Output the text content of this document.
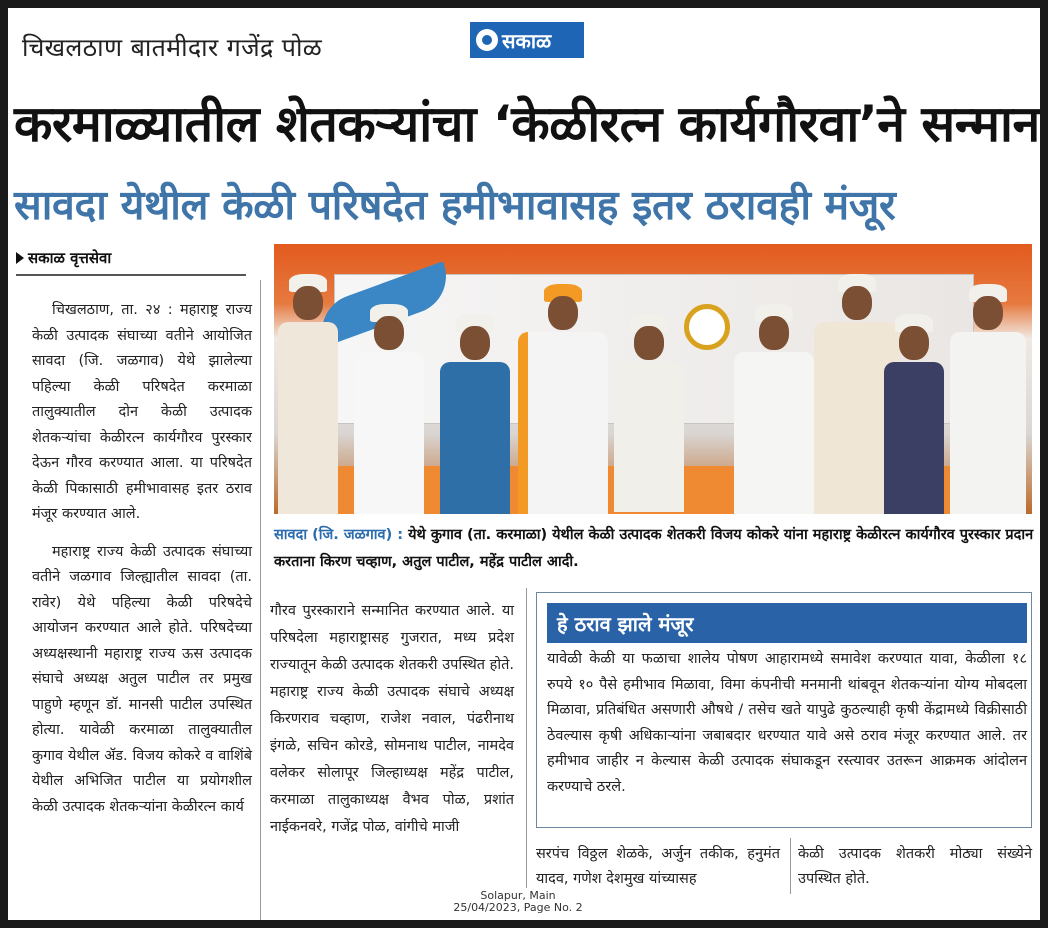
चिखलठाण बातमीदार गजेंद्र पोळ	सकाळ
करमाळ्यातील शेतकऱ्यांचा ‘केळीरत्न कार्यगौरवा’ने सन्मान
सावदा येथील केळी परिषदेत हमीभावासह इतर ठरावही मंजूर
सकाळ वृत्तसेवा

चिखलठाण, ता. २४ : महाराष्ट्र राज्य केळी उत्पादक संघाच्या वतीने आयोजित सावदा (जि. जळगाव) येथे झालेल्या पहिल्या केळी परिषदेत करमाळा तालुक्यातील दोन केळी उत्पादक शेतकऱ्यांचा केळीरत्न कार्यगौरव पुरस्कार देऊन गौरव करण्यात आला. या परिषदेत केळी पिकासाठी हमीभावासह इतर ठराव मंजूर करण्यात आले.

महाराष्ट्र राज्य केळी उत्पादक संघाच्या वतीने जळगाव जिल्ह्यातील सावदा (ता. रावेर) येथे पहिल्या केळी परिषदेचे आयोजन करण्यात आले होते. परिषदेच्या अध्यक्षस्थानी महाराष्ट्र राज्य ऊस उत्पादक संघाचे अध्यक्ष अतुल पाटील तर प्रमुख पाहुणे म्हणून डॉ. मानसी पाटील उपस्थित होत्या. यावेळी करमाळा तालुक्यातील कुगाव येथील ॲड. विजय कोकरे व वाशिंबे येथील अभिजित पाटील या प्रयोगशील केळी उत्पादक शेतकऱ्यांना केळीरत्न कार्य

सावदा (जि. जळगाव) : येथे कुगाव (ता. करमाळा) येथील केळी उत्पादक शेतकरी विजय कोकरे यांना महाराष्ट्र केळीरत्न कार्यगौरव पुरस्कार प्रदान करताना किरण चव्हाण, अतुल पाटील, महेंद्र पाटील आदी.
गौरव पुरस्काराने सन्मानित करण्यात आले. या परिषदेला महाराष्ट्रासह गुजरात, मध्य प्रदेश राज्यातून केळी उत्पादक शेतकरी उपस्थित होते. महाराष्ट्र राज्य केळी उत्पादक संघाचे अध्यक्ष किरणराव चव्हाण, राजेश नवाल, पंढरीनाथ इंगळे, सचिन कोरडे, सोमनाथ पाटील, नामदेव वलेकर सोलापूर जिल्हाध्यक्ष महेंद्र पाटील, करमाळा तालुकाध्यक्ष वैभव पोळ, प्रशांत नाईकनवरे, गजेंद्र पोळ, वांगीचे माजी
हे ठराव झाले मंजूर
यावेळी केळी या फळाचा शालेय पोषण आहारामध्ये समावेश करण्यात यावा, केळीला १८ रुपये १० पैसे हमीभाव मिळावा, विमा कंपनीची मनमानी थांबवून शेतकऱ्यांना योग्य मोबदला मिळावा, प्रतिबंधित असणारी औषधे / तसेच खते यापुढे कुठल्याही कृषी केंद्रामध्ये विक्रीसाठी ठेवल्यास कृषी अधिकाऱ्यांना जबाबदार धरण्यात यावे असे ठराव मंजूर करण्यात आले. तर हमीभाव जाहीर न केल्यास केळी उत्पादक संघाकडून रस्त्यावर उतरून आक्रमक आंदोलन करण्याचे ठरले.
सरपंच विठ्ठल शेळके, अर्जुन तकीक, हनुमंत यादव, गणेश देशमुख यांच्यासह
केळी उत्पादक शेतकरी मोठ्या संख्येने उपस्थित होते.
Solapur, Main
25/04/2023, Page No. 2
